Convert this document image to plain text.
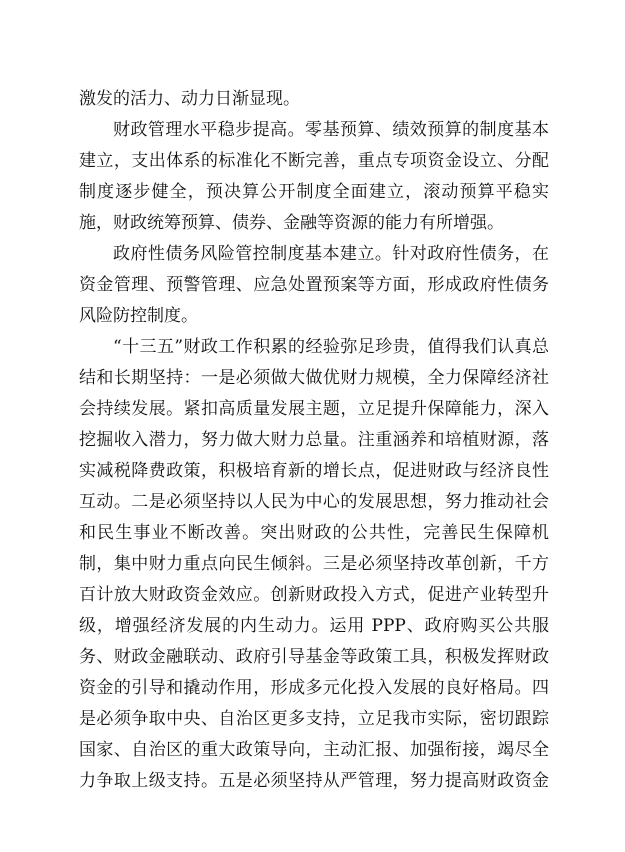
激发的活力、动力日渐显现。
财政管理水平稳步提高。零基预算、绩效预算的制度基本
建立，支出体系的标准化不断完善，重点专项资金设立、分配
制度逐步健全，预决算公开制度全面建立，滚动预算平稳实
施，财政统筹预算、债券、金融等资源的能力有所增强。
政府性债务风险管控制度基本建立。针对政府性债务，在
资金管理、预警管理、应急处置预案等方面，形成政府性债务
风险防控制度。
“十三五”财政工作积累的经验弥足珍贵，值得我们认真总
结和长期坚持：一是必须做大做优财力规模，全力保障经济社
会持续发展。紧扣高质量发展主题，立足提升保障能力，深入
挖掘收入潜力，努力做大财力总量。注重涵养和培植财源，落
实减税降费政策，积极培育新的增长点，促进财政与经济良性
互动。二是必须坚持以人民为中心的发展思想，努力推动社会
和民生事业不断改善。突出财政的公共性，完善民生保障机
制，集中财力重点向民生倾斜。三是必须坚持改革创新，千方
百计放大财政资金效应。创新财政投入方式，促进产业转型升
级，增强经济发展的内生动力。运用 PPP、政府购买公共服
务、财政金融联动、政府引导基金等政策工具，积极发挥财政
资金的引导和撬动作用，形成多元化投入发展的良好格局。四
是必须争取中央、自治区更多支持，立足我市实际，密切跟踪
国家、自治区的重大政策导向，主动汇报、加强衔接，竭尽全
力争取上级支持。五是必须坚持从严管理，努力提高财政资金
